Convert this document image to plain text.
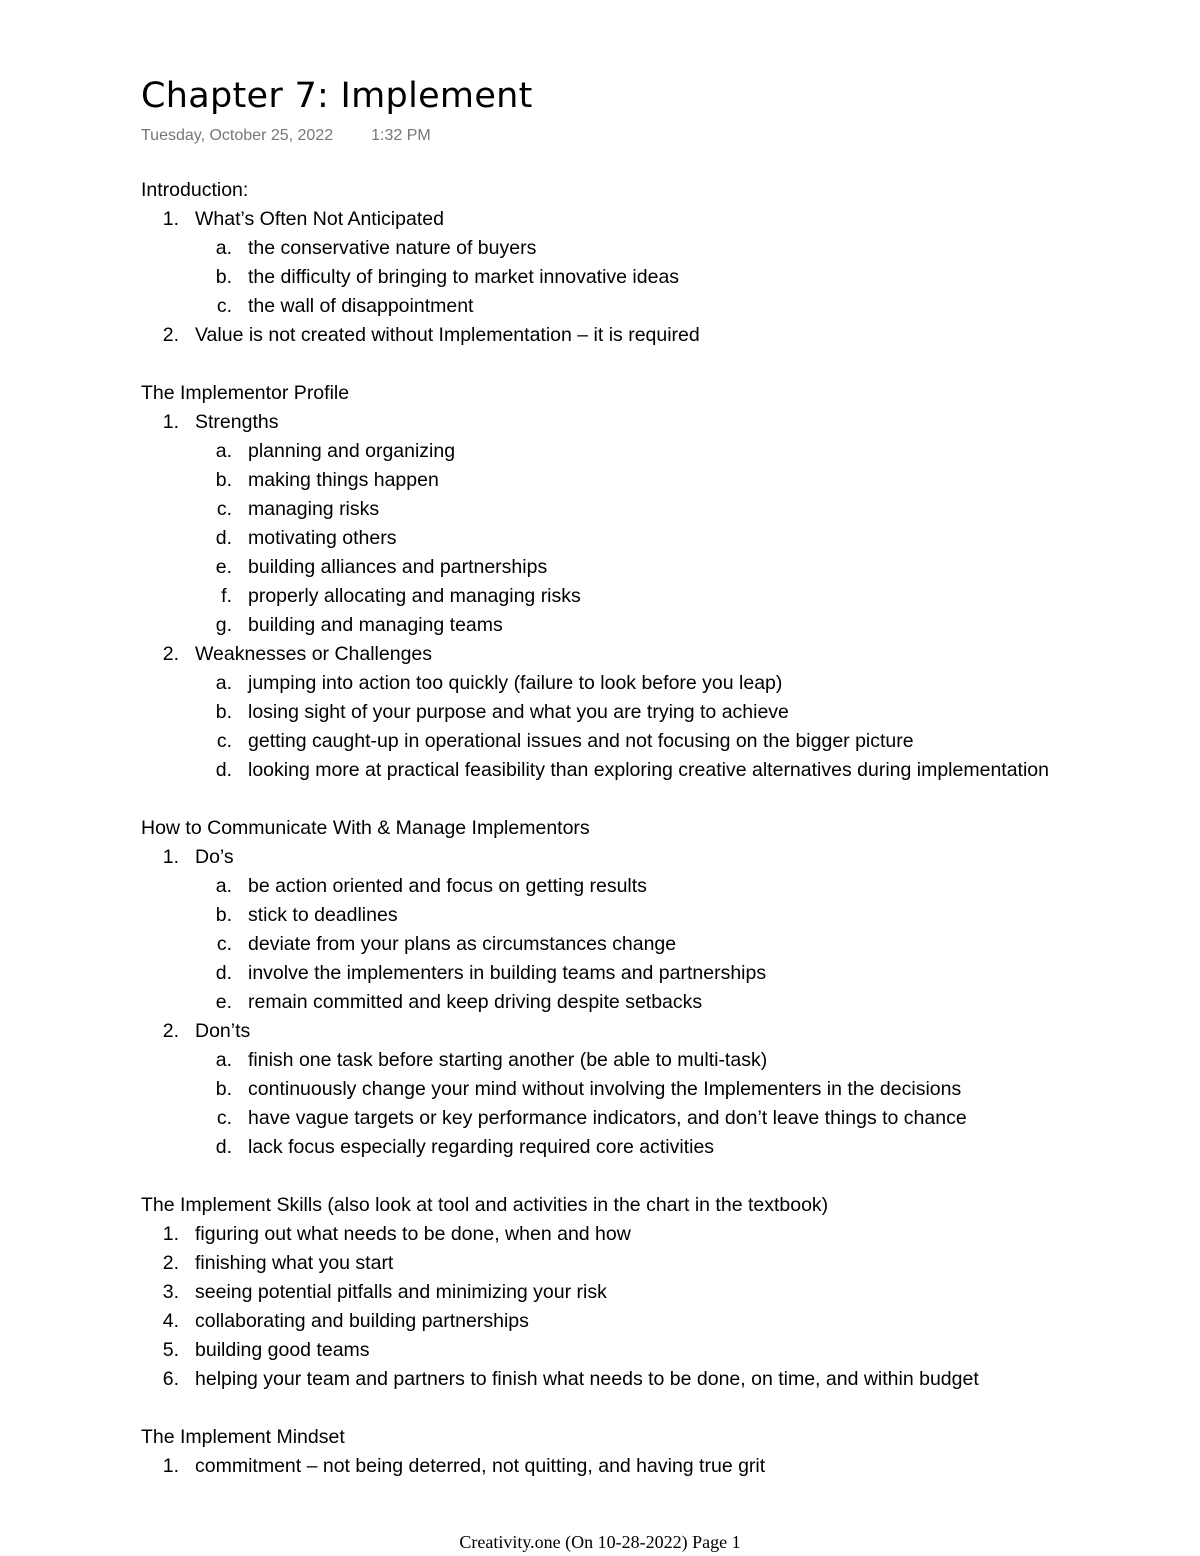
Chapter 7: Implement
Tuesday, October 25, 2022 1:32 PM
Introduction:
1. What’s Often Not Anticipated
a. the conservative nature of buyers
b. the difficulty of bringing to market innovative ideas
c. the wall of disappointment
2. Value is not created without Implementation – it is required
The Implementor Profile
1. Strengths
a. planning and organizing
b. making things happen
c. managing risks
d. motivating others
e. building alliances and partnerships
f. properly allocating and managing risks
g. building and managing teams
2. Weaknesses or Challenges
a. jumping into action too quickly (failure to look before you leap)
b. losing sight of your purpose and what you are trying to achieve
c. getting caught-up in operational issues and not focusing on the bigger picture
d. looking more at practical feasibility than exploring creative alternatives during implementation
How to Communicate With & Manage Implementors
1. Do’s
a. be action oriented and focus on getting results
b. stick to deadlines
c. deviate from your plans as circumstances change
d. involve the implementers in building teams and partnerships
e. remain committed and keep driving despite setbacks
2. Don’ts
a. finish one task before starting another (be able to multi-task)
b. continuously change your mind without involving the Implementers in the decisions
c. have vague targets or key performance indicators, and don’t leave things to chance
d. lack focus especially regarding required core activities
The Implement Skills (also look at tool and activities in the chart in the textbook)
1. figuring out what needs to be done, when and how
2. finishing what you start
3. seeing potential pitfalls and minimizing your risk
4. collaborating and building partnerships
5. building good teams
6. helping your team and partners to finish what needs to be done, on time, and within budget
The Implement Mindset
1. commitment – not being deterred, not quitting, and having true grit
Creativity.one (On 10-28-2022) Page 1
